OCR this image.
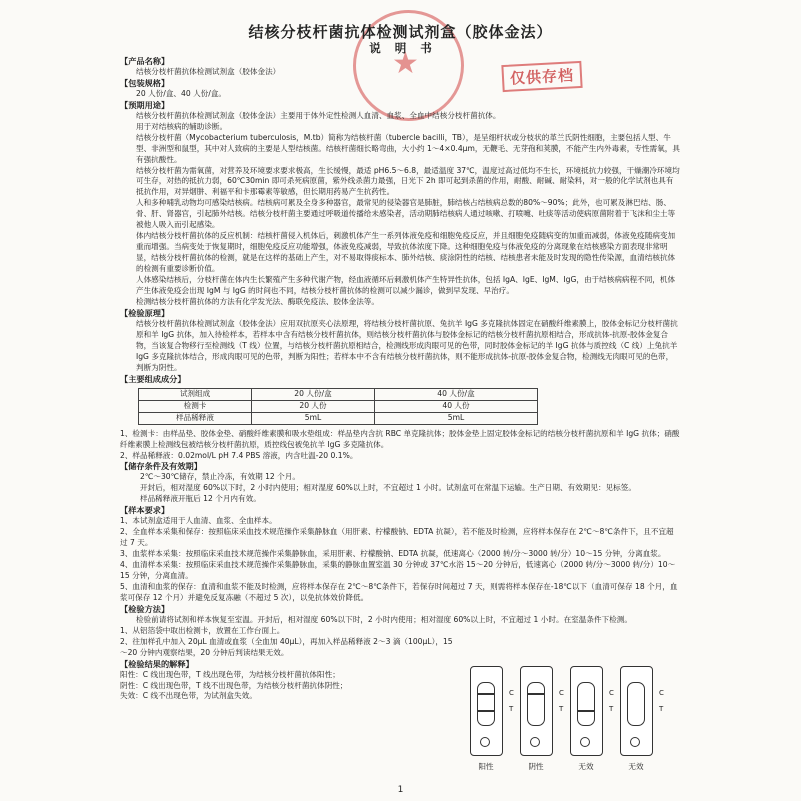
★	仅供存档
结核分枝杆菌抗体检测试剂盒（胶体金法）
说 明 书

【产品名称】

结核分枝杆菌抗体检测试剂盒（胶体金法）

【包装规格】

20 人份/盒、40 人份/盒。

【预期用途】

结核分枝杆菌抗体检测试剂盒（胶体金法）主要用于体外定性检测人血清、血浆、全血中结核分枝杆菌抗体。

用于对结核病的辅助诊断。

结核分枝杆菌（Mycobacterium tuberculosis，M.tb）简称为结核杆菌（tubercle bacilli，TB），是呈细杆状或分枝状的革兰氏阴性细胞，主要包括人型、牛型、非洲型和鼠型，其中对人致病的主要是人型结核菌。结核杆菌细长略弯曲，大小约 1～4×0.4μm，无鞭毛、无芽孢和荚膜，不能产生内外毒素，专性需氧，具有强抗酸性。

结核分枝杆菌为需氧菌，对营养及环境要求要求极高，生长缓慢，最适 pH6.5～6.8，最适温度 37℃，温度过高过低均不生长，环境抵抗力较强，干燥潮冷环境均可生存，对热的抵抗力弱，60℃30min 即可杀死病原菌，紫外线杀菌力最强，日光下 2h 即可起到杀菌的作用，耐酸、耐碱、耐染料，对一般的化学试剂也具有抵抗作用，对异烟肼、利福平和卡那霉素等敏感，但长期用药易产生抗药性。

人和多种哺乳动物均可感染结核病。结核病可累及全身多种器官，最常见的侵染器官是肺脏，肺结核占结核病总数的80%～90%；此外，也可累及淋巴结、肠、骨、肝、肾器官，引起肺外结核。结核分枝杆菌主要通过呼吸道传播给未感染者，活动期肺结核病人通过咳嗽、打喷嚏、吐痰等活动使病原菌附着于飞沫和尘土等被他人吸入而引起感染。

体内结核分枝杆菌抗体的反应机制：结核杆菌侵入机体后，刺激机体产生一系列体液免疫和细胞免疫反应，并且细胞免疫随病变的加重而减弱，体液免疫随病变加重而增强。当病变处于恢复期时，细胞免疫反应功能增强，体液免疫减弱，导致抗体浓度下降。这种细胞免疫与体液免疫的分离现象在结核感染方面表现非常明显，结核分枝杆菌抗体的检测，就是在这样的基础上产生，对不易取得痰标本、肺外结核、痰涂阴性的结核、结核患者未能及时发现的隐性传染源，血清结核抗体的检测有重要诊断价值。

人体感染结核后，分枝杆菌在体内生长繁殖产生多种代谢产物，经血液循环后刺激机体产生特异性抗体，包括 IgA、IgE、IgM、IgG，由于结核病病程不同，机体产生体液免疫会出现 IgM 与 IgG 的时间也不同，结核分枝杆菌抗体的检测可以减少漏诊，做到早发现、早治疗。

检测结核分枝杆菌抗体的方法有化学发光法、酶联免疫法、胶体金法等。

【检验原理】

结核分枝杆菌抗体检测试剂盒（胶体金法）应用双抗原夹心法原理，将结核分枝杆菌抗原、兔抗羊 IgG 多克隆抗体固定在硝酸纤维素膜上，胶体金标记分枝杆菌抗原和羊 IgG 抗体，加入待检样本，若样本中含有结核分枝杆菌抗体，则结核分枝杆菌抗体与胶体金标记的结核分枝杆菌抗原相结合，形成抗体-抗原-胶体金复合物，当该复合物移行至检测线（T 线）位置，与结核分枝杆菌抗原相结合，检测线形成肉眼可见的色带，同时胶体金标记的羊 IgG 抗体与质控线（C 线）上兔抗羊 IgG 多克隆抗体结合，形成肉眼可见的色带，判断为阳性；若样本中不含有结核分枝杆菌抗体，则不能形成抗体-抗原-胶体金复合物，检测线无肉眼可见的色带，判断为阴性。

【主要组成成分】

试剂组成	20 人份/盒	40 人份/盒
检测卡	20 人份	40 人份
样品稀释液	5mL	5mL

1、检测卡：由样品垫、胶体金垫、硝酸纤维素膜和吸水垫组成：样品垫内含抗 RBC 单克隆抗体；胶体金垫上固定胶体金标记的结核分枝杆菌抗原和羊 IgG 抗体；硝酸纤维素膜上检测线包被结核分枝杆菌抗原，质控线包被兔抗羊 IgG 多克隆抗体。

2、样品稀释液：0.02mol/L pH 7.4 PBS 溶液，内含吐温-20 0.1%。

【储存条件及有效期】

2℃～30℃储存，禁止冷冻，有效期 12 个月。

开封后，相对湿度 60%以下时，2 小时内使用；相对湿度 60%以上时，不宜超过 1 小时。试剂盒可在常温下运输。生产日期、有效期见：见标签。

样品稀释液开瓶后 12 个月内有效。

【样本要求】

1、本试剂盒适用于人血清、血浆、全血样本。

2、全血样本采集和保存：按照临床采血技术规范操作采集静脉血（用肝素、柠檬酸钠、EDTA 抗凝），若不能及时检测，应将样本保存在 2℃～8℃条件下，且不宜超过 7 天。

3、血浆样本采集：按照临床采血技术规范操作采集静脉血，采用肝素、柠檬酸钠、EDTA 抗凝，低速离心（2000 转/分～3000 转/分）10～15 分钟，分离血浆。

4、血清样本采集：按照临床采血技术规范操作采集静脉血，采集的静脉血置室温 30 分钟或 37℃水浴 15～20 分钟后，低速离心（2000 转/分～3000 转/分）10～15 分钟，分离血清。

5、血清和血浆的保存：血清和血浆不能及时检测，应将样本保存在 2℃～8℃条件下，若保存时间超过 7 天，则需将样本保存在-18℃以下（血清可保存 18 个月，血浆可保存 12 个月）并避免反复冻融（不超过 5 次），以免抗体效价降低。

【检验方法】

检验前请将试剂和样本恢复至室温。开封后，相对湿度 60%以下时，2 小时内使用；相对湿度 60%以上时，不宜超过 1 小时。在室温条件下检测。

1、从铝箔袋中取出检测卡，放置在工作台面上。

2、往加样孔中加入 20μL 血清或血浆（全血加 40μL），再加入样品稀释液 2～3 滴（100μL），15～20 分钟内观察结果，20 分钟后判读结果无效。

【检验结果的解释】

阳性：C 线出现色带，T 线出现色带，为结核分枝杆菌抗体阳性；

阴性：C 线出现色带，T 线不出现色带，为结核分枝杆菌抗体阴性；

失效：C 线不出现色带，为试剂盒失效。	C
T
C
T
C
T
C
T
阳性	阴性	无效	无效
1
